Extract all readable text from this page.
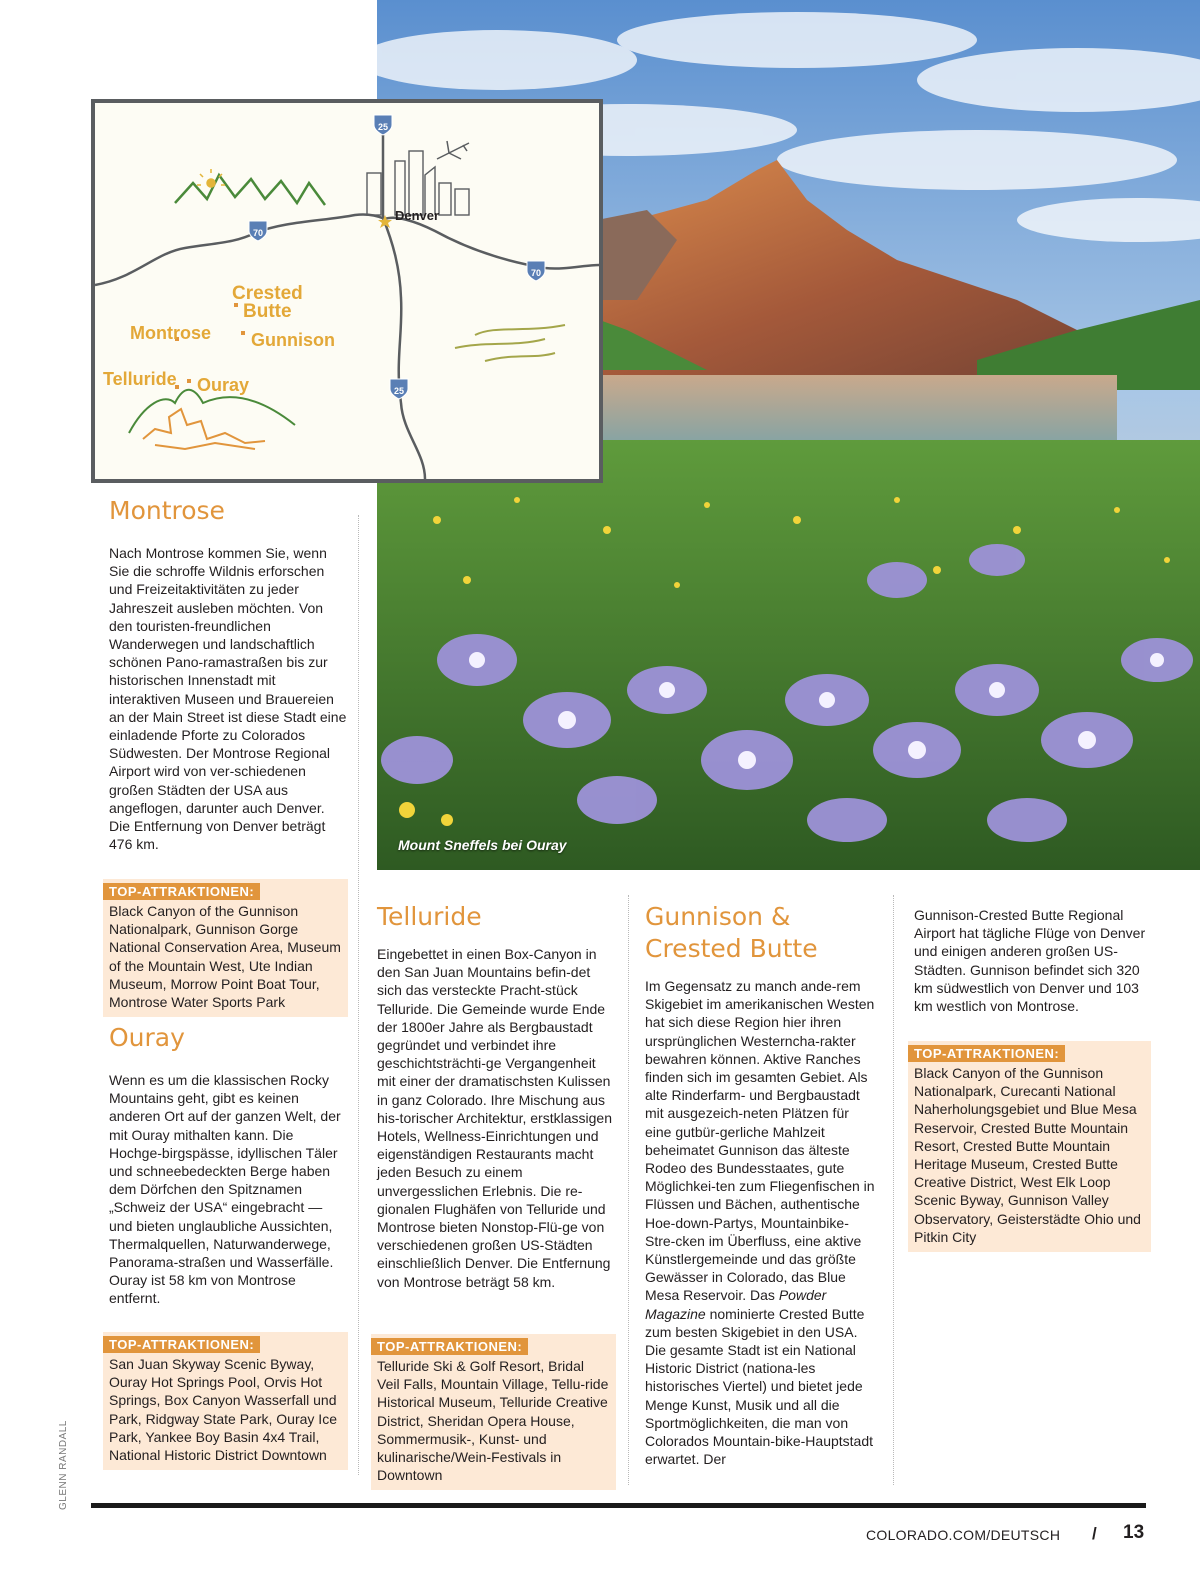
Mount Sneffels bei Ouray
25
70
70
25
Denver
Crested
Butte
Montrose Gunnison
Telluride Ouray
Montrose

Nach Montrose kommen Sie, wenn Sie die schroffe Wildnis erforschen und Freizeitaktivitäten zu jeder Jahreszeit ausleben möchten. Von den touristen-freundlichen Wanderwegen und landschaftlich schönen Pano-ramastraßen bis zur historischen Innenstadt mit interaktiven Museen und Brauereien an der Main Street ist diese Stadt eine einladende Pforte zu Colorados Südwesten. Der Montrose Regional Airport wird von ver-schiedenen großen Städten der USA aus angeflogen, darunter auch Denver. Die Entfernung von Denver beträgt 476 km.

TOP-ATTRAKTIONEN:

Black Canyon of the Gunnison Nationalpark, Gunnison Gorge National Conservation Area, Museum of the Mountain West, Ute Indian Museum, Morrow Point Boat Tour, Montrose Water Sports Park

Ouray

Wenn es um die klassischen Rocky Mountains geht, gibt es keinen anderen Ort auf der ganzen Welt, der mit Ouray mithalten kann. Die Hochge-birgspässe, idyllischen Täler und schneebedeckten Berge haben dem Dörfchen den Spitznamen „Schweiz der USA“ eingebracht — und bieten unglaubliche Aussichten, Thermalquellen, Naturwanderwege, Panorama-straßen und Wasserfälle. Ouray ist 58 km von Montrose entfernt.

TOP-ATTRAKTIONEN:

San Juan Skyway Scenic Byway, Ouray Hot Springs Pool, Orvis Hot Springs, Box Canyon Wasserfall und Park, Ridgway State Park, Ouray Ice Park, Yankee Boy Basin 4x4 Trail, National Historic District Downtown

Telluride

Eingebettet in einen Box-Canyon in den San Juan Mountains befin-det sich das versteckte Pracht-stück Telluride. Die Gemeinde wurde Ende der 1800er Jahre als Bergbaustadt gegründet und verbindet ihre geschichtsträchti-ge Vergangenheit mit einer der dramatischsten Kulissen in ganz Colorado. Ihre Mischung aus his-torischer Architektur, erstklassigen Hotels, Wellness-Einrichtungen und eigenständigen Restaurants macht jeden Besuch zu einem unvergesslichen Erlebnis. Die re-gionalen Flughäfen von Telluride und Montrose bieten Nonstop-Flü-ge von verschiedenen großen US-Städten einschließlich Denver. Die Entfernung von Montrose beträgt 58 km.

TOP-ATTRAKTIONEN:

Telluride Ski & Golf Resort, Bridal Veil Falls, Mountain Village, Tellu-ride Historical Museum, Telluride Creative District, Sheridan Opera House, Sommermusik-, Kunst- und kulinarische/Wein-Festivals in Downtown

Gunnison &
Crested Butte

Im Gegensatz zu manch ande-rem Skigebiet im amerikanischen Westen hat sich diese Region hier ihren ursprünglichen Westerncha-rakter bewahren können. Aktive Ranches finden sich im gesamten Gebiet. Als alte Rinderfarm- und Bergbaustadt mit ausgezeich-neten Plätzen für eine gutbür-gerliche Mahlzeit beheimatet Gunnison das älteste Rodeo des Bundesstaates, gute Möglichkei-ten zum Fliegenfischen in Flüssen und Bächen, authentische Hoe-down-Partys, Mountainbike-Stre-cken im Überfluss, eine aktive Künstlergemeinde und das größte Gewässer in Colorado, das Blue Mesa Reservoir. Das Powder Magazine nominierte Crested Butte zum besten Skigebiet in den USA. Die gesamte Stadt ist ein National Historic District (nationa-les historisches Viertel) und bietet jede Menge Kunst, Musik und all die Sportmöglichkeiten, die man von Colorados Mountain-bike-Hauptstadt erwartet. Der

Gunnison-Crested Butte Regional Airport hat tägliche Flüge von Denver und einigen anderen großen US-Städten. Gunnison befindet sich 320 km südwestlich von Denver und 103 km westlich von Montrose.

TOP-ATTRAKTIONEN:

Black Canyon of the Gunnison Nationalpark, Curecanti National Naherholungsgebiet und Blue Mesa Reservoir, Crested Butte Mountain Resort, Crested Butte Mountain Heritage Museum, Crested Butte Creative District, West Elk Loop Scenic Byway, Gunnison Valley Observatory, Geisterstädte Ohio und Pitkin City

GLENN RANDALL
COLORADO.COM/DEUTSCH / 13
